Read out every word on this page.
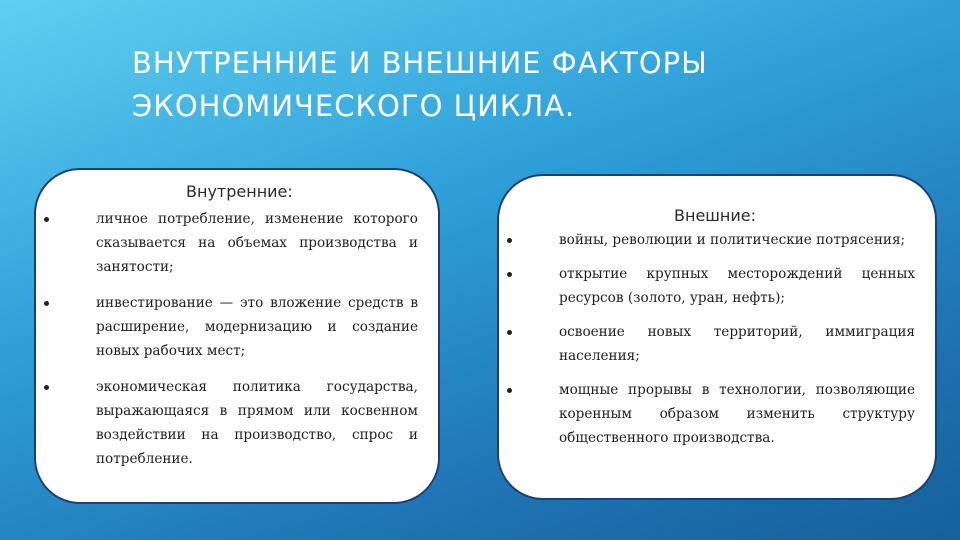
ВНУТРЕННИЕ И ВНЕШНИЕ ФАКТОРЫ
ЭКОНОМИЧЕСКОГО ЦИКЛА.
Внутренние:
личное потребление, изменение которого сказывается на объемах производства и занятости;
инвестирование — это вложение средств в расширение, модернизацию и создание новых рабочих мест;
экономическая политика государства, выражающаяся в прямом или косвенном воздействии на производство, спрос и потребление.
Внешние:
войны, революции и политические потрясения;
открытие крупных месторождений ценных ресурсов (золото, уран, нефть);
освоение новых территорий, иммиграция населения;
мощные прорывы в технологии, позволяющие коренным образом изменить структуру общественного производства.
